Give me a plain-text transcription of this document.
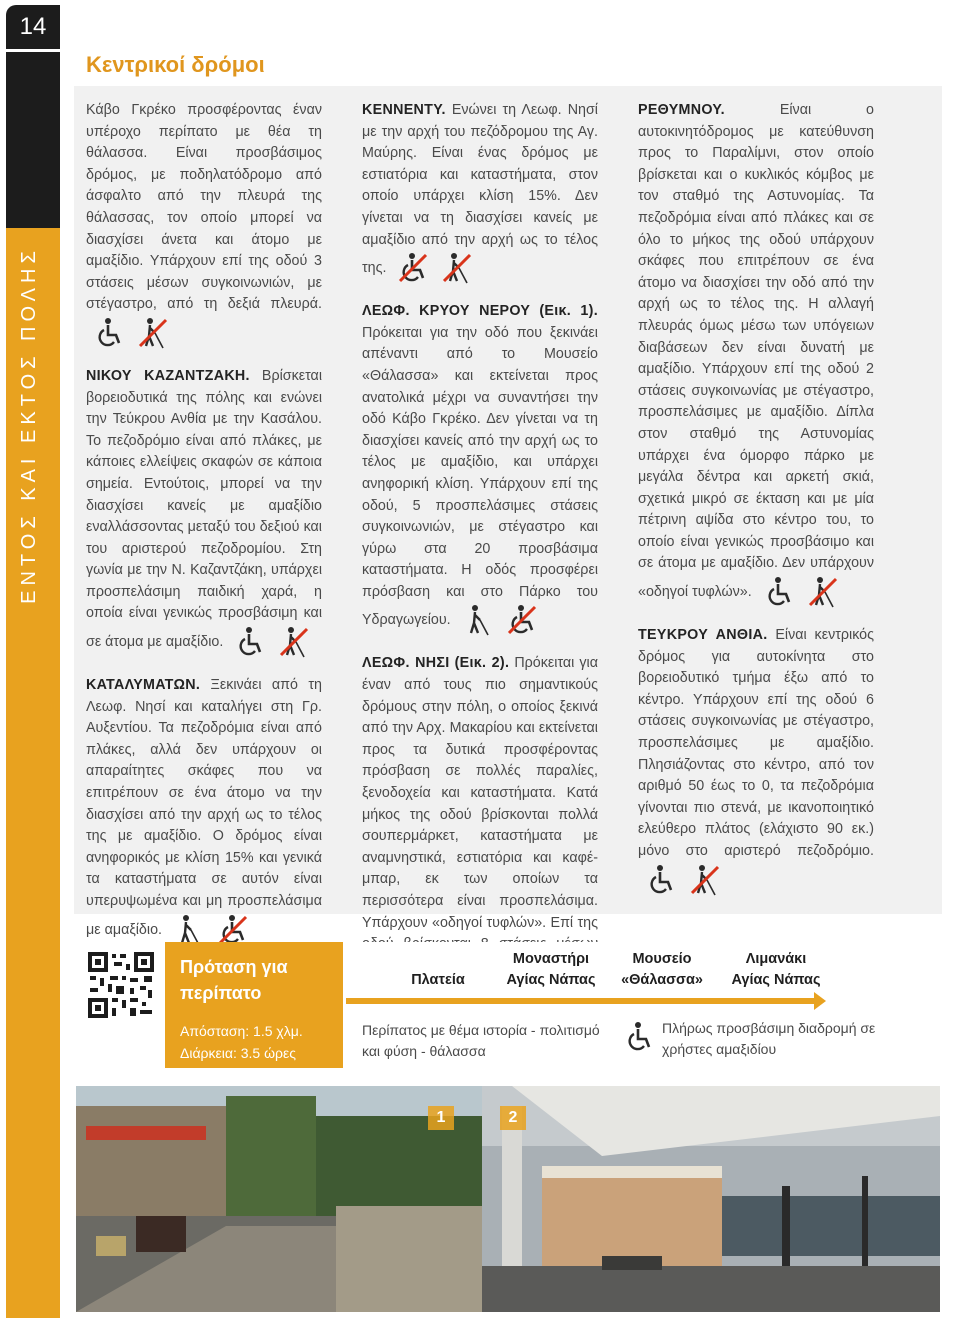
14
ΕΝΤΟΣ ΚΑΙ ΕΚΤΟΣ ΠΟΛΗΣ
Κεντρικοί δρόμοι
Κάβο Γκρέκο προσφέροντας έναν υπέροχο περίπατο με θέα τη θάλασσα. Είναι προσβάσιμος δρόμος, με ποδηλατόδρομο από άσφαλτο από την πλευρά της θάλασσας, τον οποίο μπορεί να διασχίσει άνετα και άτομο με αμαξίδιο. Υπάρχουν επί της οδού 3 στάσεις μέσων συγκοινωνιών, με στέγαστρο, από τη δεξιά πλευρά.
ΝΙΚΟΥ ΚΑΖΑΝΤΖΑΚΗ. Βρίσκεται βορειοδυτικά της πόλης και ενώνει την Τεύκρου Ανθία με την Κασάλου. Το πεζοδρόμιο είναι από πλάκες, με κάποιες ελλείψεις σκαφών σε κάποια σημεία. Εντούτοις, μπορεί να την διασχίσει κανείς με αμαξίδιο εναλλάσσοντας μεταξύ του δεξιού και του αριστερού πεζοδρομίου. Στη γωνία με την Ν. Καζαντζάκη, υπάρχει προσπελάσιμη παιδική χαρά, η οποία είναι γενικώς προσβάσιμη και σε άτομα με αμαξίδιο.
ΚΑΤΑΛΥΜΑΤΩΝ. Ξεκινάει από τη Λεωφ. Νησί και καταλήγει στη Γρ. Αυξεντίου. Τα πεζοδρόμια είναι από πλάκες, αλλά δεν υπάρχουν οι απαραίτητες σκάφες που να επιτρέπουν σε ένα άτομο να την διασχίσει από την αρχή ως το τέλος της με αμαξίδιο. Ο δρόμος είναι ανηφορικός με κλίση 15% και γενικά τα καταστήματα σε αυτόν είναι υπερυψωμένα και μη προσπελάσιμα με αμαξίδιο.
ΚΕΝΝΕΝΤΥ. Ενώνει τη Λεωφ. Νησί με την αρχή του πεζόδρομου της Αγ. Μαύρης. Είναι ένας δρόμος με εστιατόρια και καταστήματα, στον οποίο υπάρχει κλίση 15%. Δεν γίνεται να τη διασχίσει κανείς με αμαξίδιο από την αρχή ως το τέλος της.
ΛΕΩΦ. ΚΡΥΟΥ ΝΕΡΟΥ (Εικ. 1). Πρόκειται για την οδό που ξεκινάει απέναντι από το Μουσείο «Θάλασσα» και εκτείνεται προς ανατολικά μέχρι να συναντήσει την οδό Κάβο Γκρέκο. Δεν γίνεται να τη διασχίσει κανείς από την αρχή ως το τέλος με αμαξίδιο, και υπάρχει ανηφορική κλίση. Υπάρχουν επί της οδού, 5 προσπελάσιμες στάσεις συγκοινωνιών, με στέγαστρο και γύρω στα 20 προσβάσιμα καταστήματα. Η οδός προσφέρει πρόσβαση και στο Πάρκο του Υδραγωγείου.
ΛΕΩΦ. ΝΗΣΙ (Εικ. 2). Πρόκειται για έναν από τους πιο σημαντικούς δρόμους στην πόλη, ο οποίος ξεκινά από την Αρχ. Μακαρίου και εκτείνεται προς τα δυτικά προσφέροντας πρόσβαση σε πολλές παραλίες, ξενοδοχεία και καταστήματα. Κατά μήκος της οδού βρίσκονται πολλά σουπερμάρκετ, καταστήματα με αναμνηστικά, εστιατόρια και καφέ-μπαρ, εκ των οποίων τα περισσότερα είναι προσπελάσιμα. Υπάρχουν «οδηγοί τυφλών». Επί της
ΡΕΘΥΜΝΟΥ.	Είναι ο αυτοκινητόδρομος με κατεύθυνση προς το Παραλίμνι, στον οποίο βρίσκεται και ο κυκλικός κόμβος με τον σταθμό της Αστυνομίας. Τα πεζοδρόμια είναι από πλάκες και σε όλο το μήκος της οδού υπάρχουν σκάφες που επιτρέπουν σε ένα άτομο να διασχίσει την οδό από την αρχή ως το τέλος της. Η αλλαγή πλευράς όμως μέσω των υπόγειων διαβάσεων δεν είναι δυνατή με αμαξίδιο. Υπάρχουν επί της οδού 2 στάσεις συγκοινωνίας με στέγαστρο, προσπελάσιμες με αμαξίδιο. Δίπλα στον σταθμό της Αστυνομίας υπάρχει ένα όμορφο πάρκο με μεγάλα δέντρα και αρκετή σκιά, σχετικά μικρό σε έκταση και με μία πέτρινη αψίδα στο κέντρο του, το οποίο είναι γενικώς προσβάσιμο και σε άτομα με αμαξίδιο. Δεν υπάρχουν «οδηγοί τυφλών».
ΤΕΥΚΡΟΥ ΑΝΘΙΑ. Είναι κεντρικός δρόμος για αυτοκίνητα στο βορειοδυτικό τμήμα έξω από το κέντρο. Υπάρχουν επί της οδού 6 στάσεις συγκοινωνίας με στέγαστρο, προσπελάσιμες με αμαξίδιο. Πλησιάζοντας στο κέντρο, από τον αριθμό 50 έως το 0, τα πεζοδρόμια γίνονται πιο στενά, με ικανοποιητικό ελεύθερο πλάτος (ελάχιστο 90 εκ.) μόνο στο αριστερό πεζοδρόμιο.
Πρόταση για περίπατο
Απόσταση: 1.5 χλμ.
Διάρκεια: 3.5 ώρες
Πλατεία
Μοναστήρι
Αγίας Νάπας
Μουσείο
«Θάλασσα»
Λιμανάκι
Αγίας Νάπας
Περίπατος με θέμα ιστορία - πολιτισμό και φύση - θάλασσα
Πλήρως προσβάσιμη διαδρομή σε χρήστες αμαξιδίου
1	2
